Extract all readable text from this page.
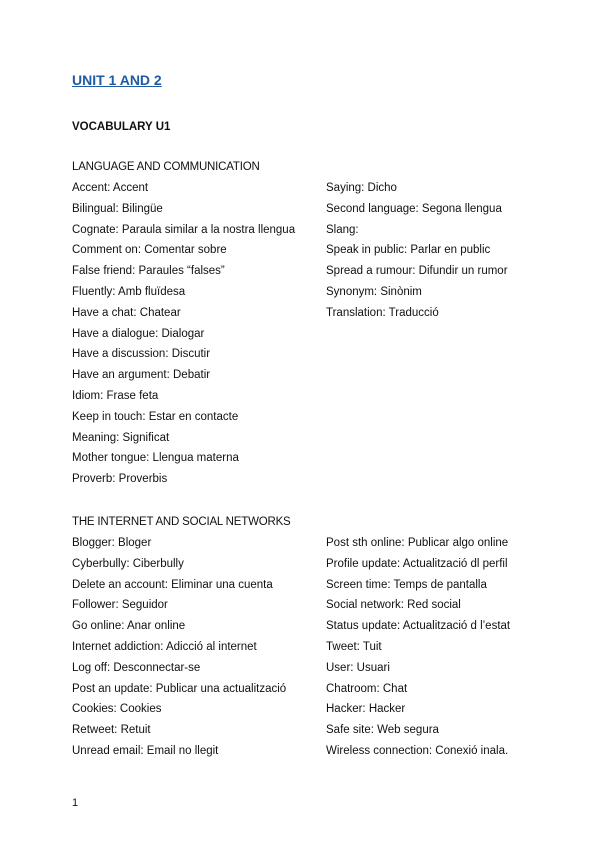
UNIT 1 AND 2
VOCABULARY U1
LANGUAGE AND COMMUNICATION
Accent: Accent
Bilingual: Bilingüe
Cognate: Paraula similar a la nostra llengua
Comment on: Comentar sobre
False friend: Paraules “falses”
Fluently: Amb fluïdesa
Have a chat: Chatear
Have a dialogue: Dialogar
Have a discussion: Discutir
Have an argument: Debatir
Idiom: Frase feta
Keep in touch: Estar en contacte
Meaning: Significat
Mother tongue: Llengua materna
Proverb: Proverbis
Saying: Dicho
Second language: Segona llengua
Slang:
Speak in public: Parlar en public
Spread a rumour: Difundir un rumor
Synonym: Sinònim
Translation: Traducció
THE INTERNET AND SOCIAL NETWORKS
Blogger: Bloger
Cyberbully: Ciberbully
Delete an account: Eliminar una cuenta
Follower: Seguidor
Go online: Anar online
Internet addiction: Adicció al internet
Log off: Desconnectar-se
Post an update: Publicar una actualització
Cookies: Cookies
Retweet: Retuit
Unread email: Email no llegit
Post sth online: Publicar algo online
Profile update: Actualització dl perfil
Screen time: Temps de pantalla
Social network: Red social
Status update: Actualització d l’estat
Tweet: Tuit
User: Usuari
Chatroom: Chat
Hacker: Hacker
Safe site: Web segura
Wireless connection: Conexió inala.
1
